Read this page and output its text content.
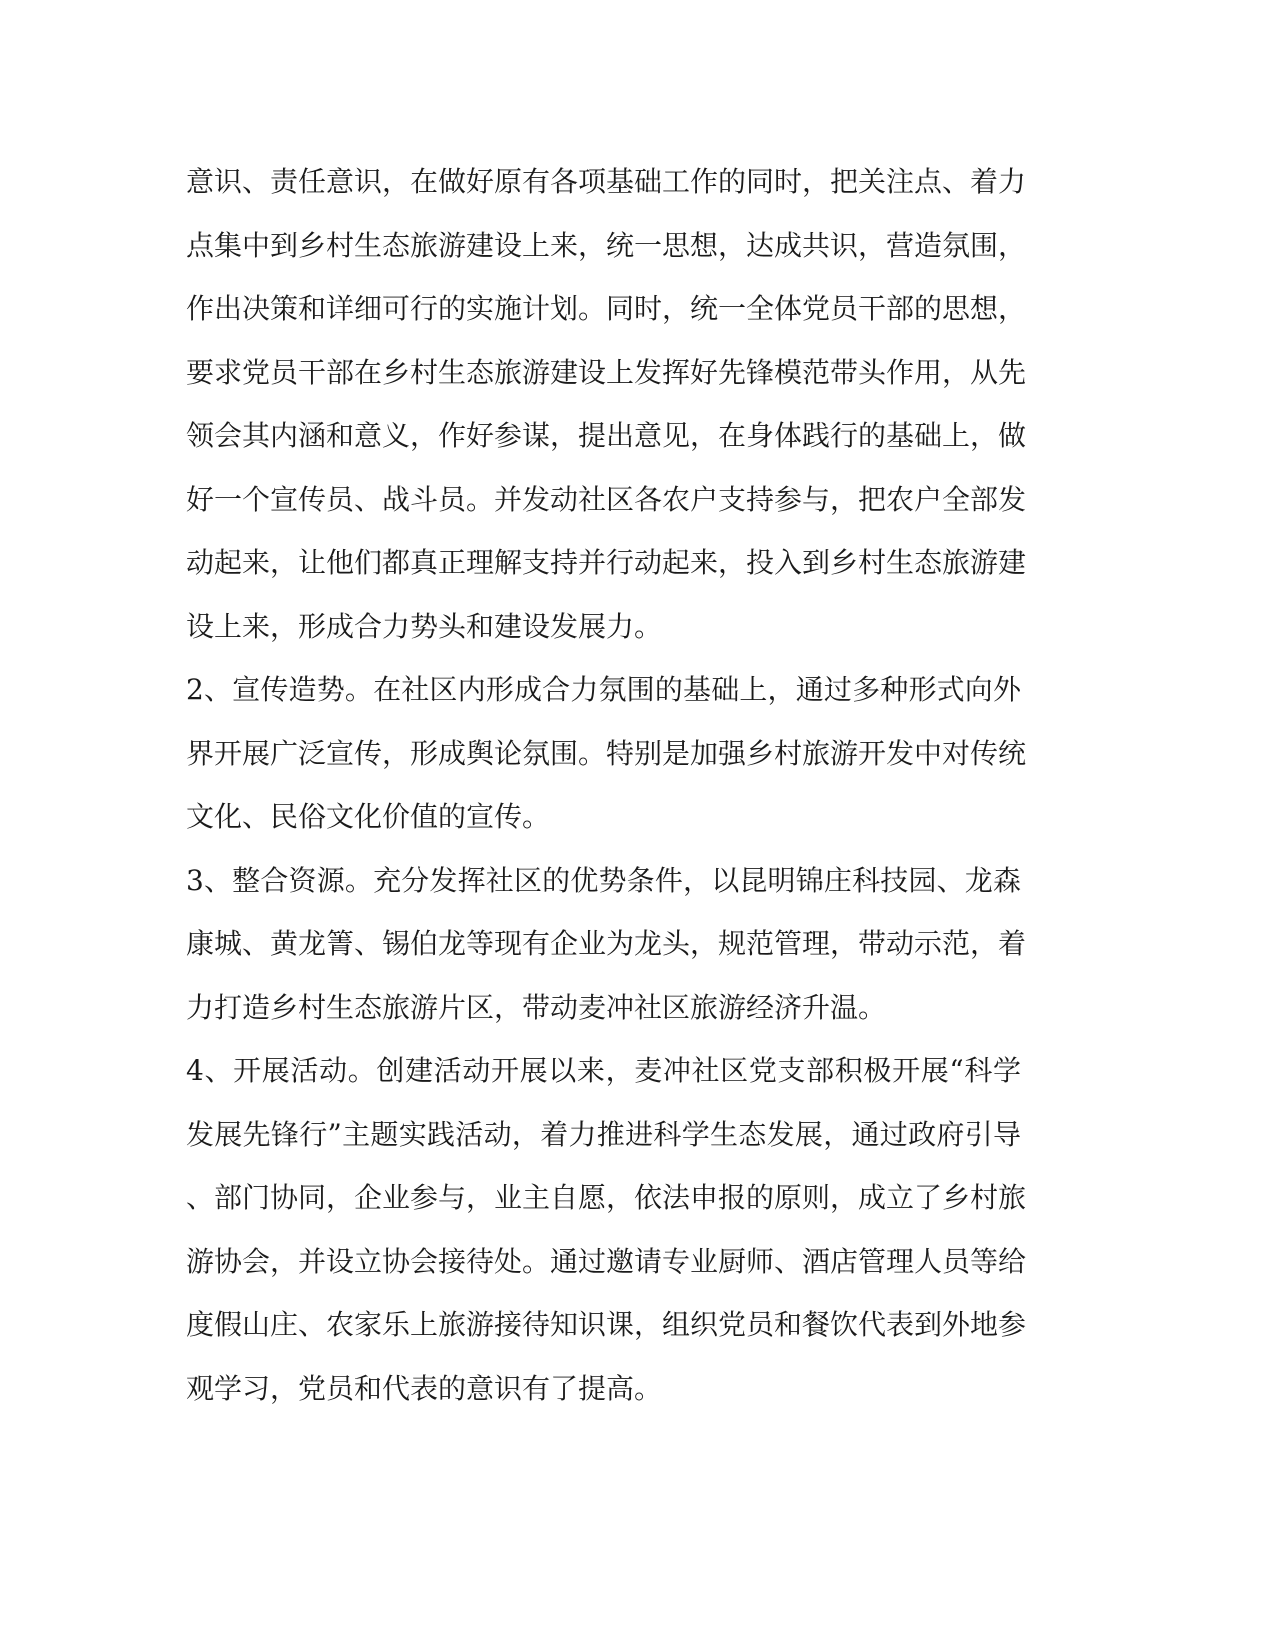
意识、责任意识，在做好原有各项基础工作的同时，把关注点、着力
点集中到乡村生态旅游建设上来，统一思想，达成共识，营造氛围，
作出决策和详细可行的实施计划。同时，统一全体党员干部的思想，
要求党员干部在乡村生态旅游建设上发挥好先锋模范带头作用，从先
领会其内涵和意义，作好参谋，提出意见，在身体践行的基础上，做
好一个宣传员、战斗员。并发动社区各农户支持参与，把农户全部发
动起来，让他们都真正理解支持并行动起来，投入到乡村生态旅游建
设上来，形成合力势头和建设发展力。
2、宣传造势。在社区内形成合力氛围的基础上，通过多种形式向外
界开展广泛宣传，形成舆论氛围。特别是加强乡村旅游开发中对传统
文化、民俗文化价值的宣传。
3、整合资源。充分发挥社区的优势条件，以昆明锦庄科技园、龙森
康城、黄龙箐、锡伯龙等现有企业为龙头，规范管理，带动示范，着
力打造乡村生态旅游片区，带动麦冲社区旅游经济升温。
4、开展活动。创建活动开展以来，麦冲社区党支部积极开展“科学
发展先锋行”主题实践活动，着力推进科学生态发展，通过政府引导
、部门协同，企业参与，业主自愿，依法申报的原则，成立了乡村旅
游协会，并设立协会接待处。通过邀请专业厨师、酒店管理人员等给
度假山庄、农家乐上旅游接待知识课，组织党员和餐饮代表到外地参
观学习，党员和代表的意识有了提高。
